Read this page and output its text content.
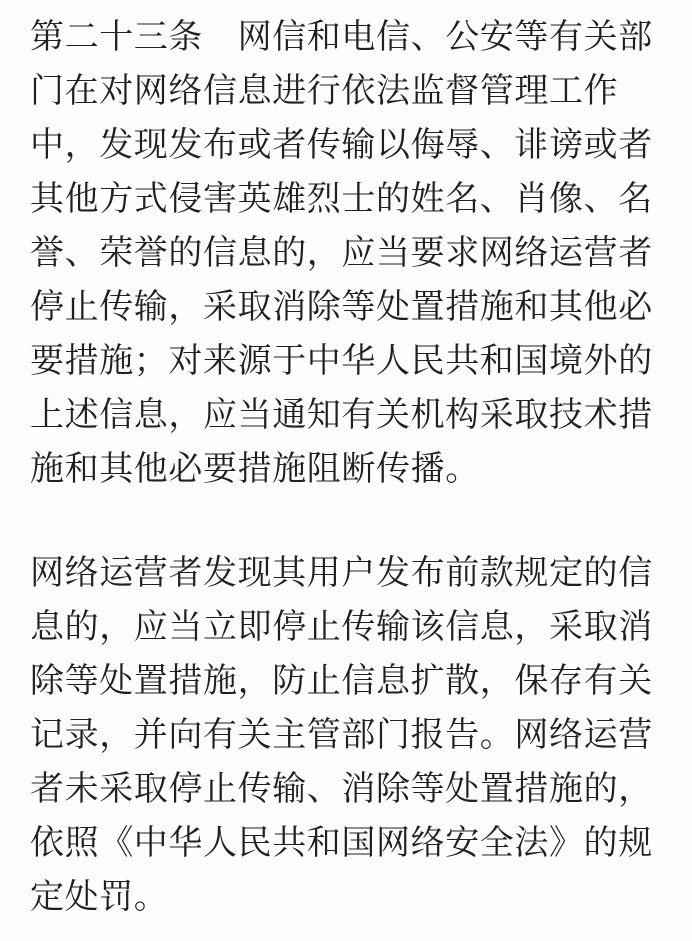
第二十三条　网信和电信、公安等有关部
门在对网络信息进行依法监督管理工作
中，发现发布或者传输以侮辱、诽谤或者
其他方式侵害英雄烈士的姓名、肖像、名
誉、荣誉的信息的，应当要求网络运营者
停止传输，采取消除等处置措施和其他必
要措施；对来源于中华人民共和国境外的
上述信息，应当通知有关机构采取技术措
施和其他必要措施阻断传播。
网络运营者发现其用户发布前款规定的信
息的，应当立即停止传输该信息，采取消
除等处置措施，防止信息扩散，保存有关
记录，并向有关主管部门报告。网络运营
者未采取停止传输、消除等处置措施的，
依照《中华人民共和国网络安全法》的规
定处罚。
